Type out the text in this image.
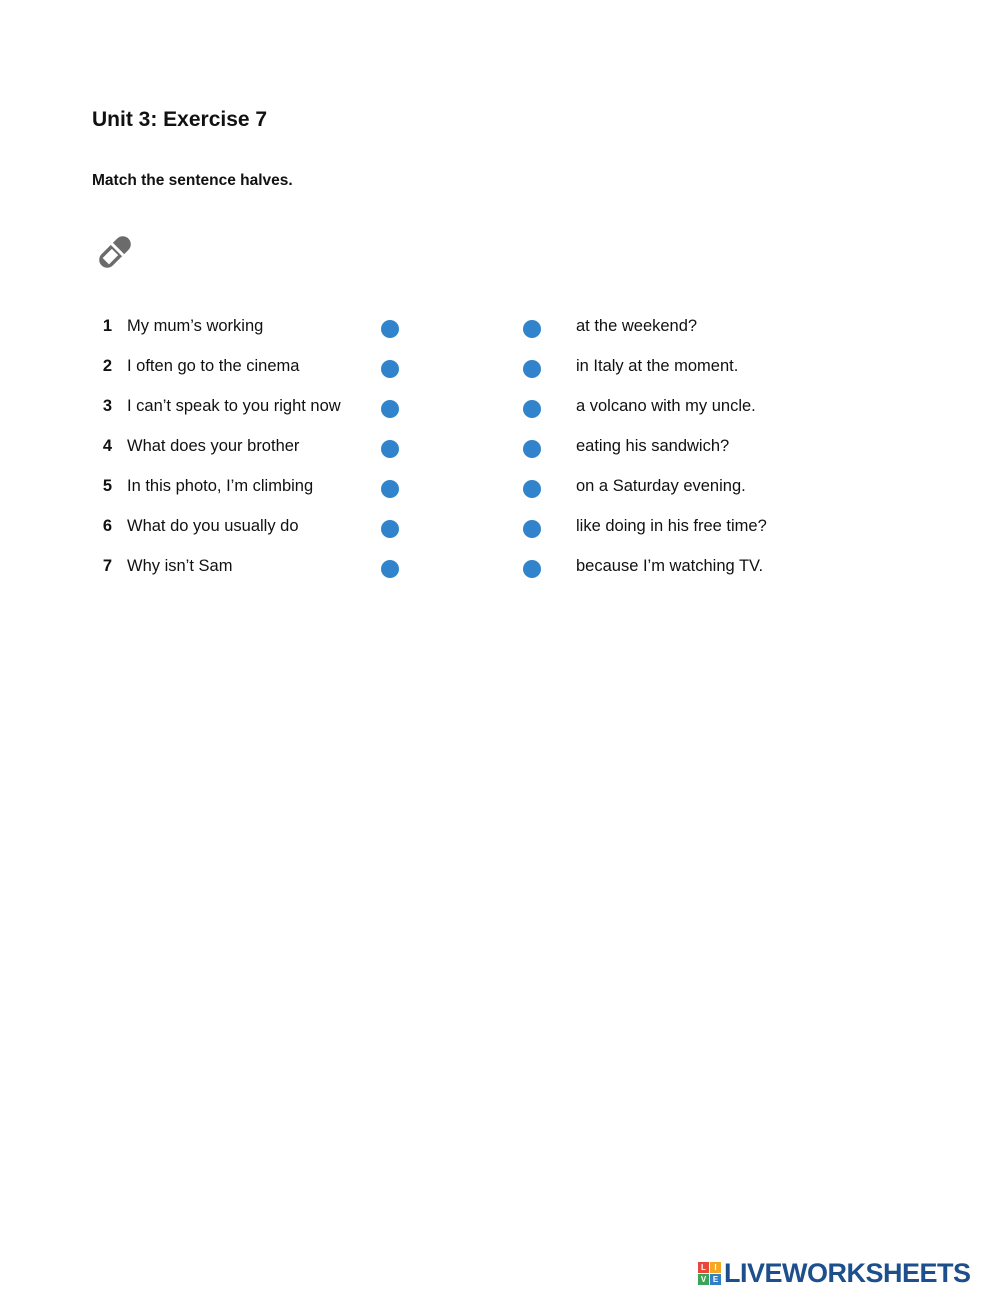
Unit 3: Exercise 7

Match the sentence halves.

1 My mum’s working	at the weekend?
2 I often go to the cinema	in Italy at the moment.
3 I can’t speak to you right now	a volcano with my uncle.
4 What does your brother	eating his sandwich?
5 In this photo, I’m climbing	on a Saturday evening.
6 What do you usually do	like doing in his free time?
7 Why isn’t Sam	because I’m watching TV.
L	I
V E LIVEWORKSHEETS
